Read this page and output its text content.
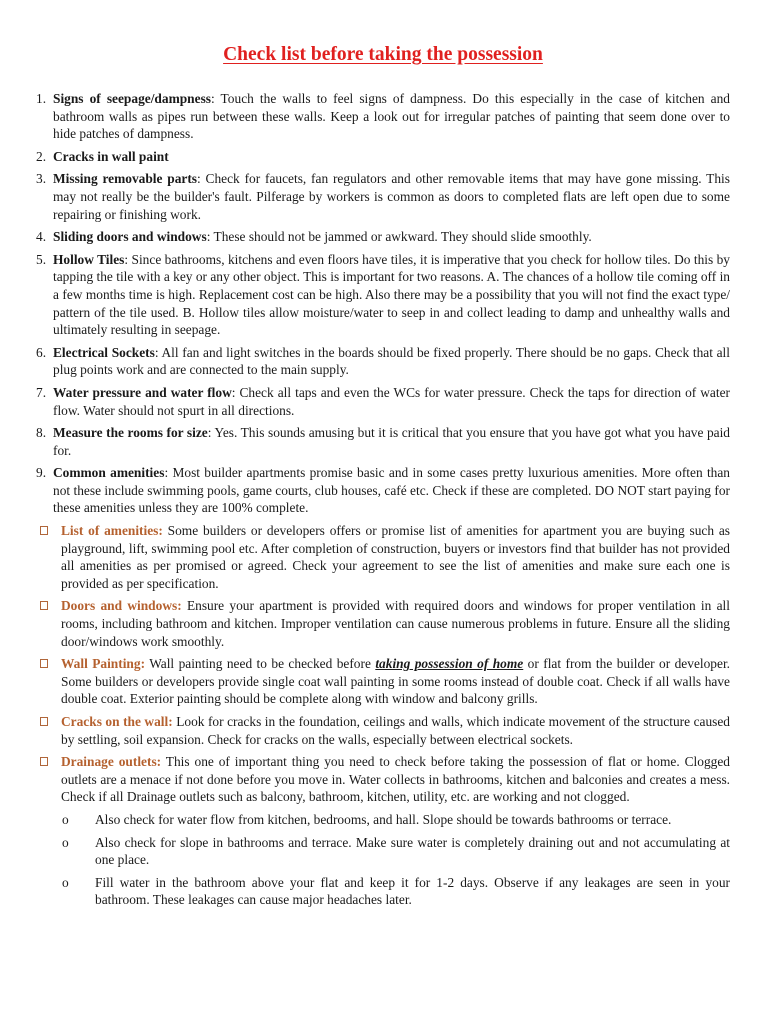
Check list before taking the possession
1. Signs of seepage/dampness: Touch the walls to feel signs of dampness. Do this especially in the case of kitchen and bathroom walls as pipes run between these walls. Keep a look out for irregular patches of painting that seem done over to hide patches of dampness.
2. Cracks in wall paint
3. Missing removable parts: Check for faucets, fan regulators and other removable items that may have gone missing. This may not really be the builder's fault. Pilferage by workers is common as doors to completed flats are left open due to some repairing or finishing work.
4. Sliding doors and windows: These should not be jammed or awkward. They should slide smoothly.
5. Hollow Tiles: Since bathrooms, kitchens and even floors have tiles, it is imperative that you check for hollow tiles. Do this by tapping the tile with a key or any other object. This is important for two reasons. A. The chances of a hollow tile coming off in a few months time is high. Replacement cost can be high. Also there may be a possibility that you will not find the exact type/ pattern of the tile used. B. Hollow tiles allow moisture/water to seep in and collect leading to damp and unhealthy walls and ultimately resulting in seepage.
6. Electrical Sockets: All fan and light switches in the boards should be fixed properly. There should be no gaps. Check that all plug points work and are connected to the main supply.
7. Water pressure and water flow: Check all taps and even the WCs for water pressure. Check the taps for direction of water flow. Water should not spurt in all directions.
8. Measure the rooms for size: Yes. This sounds amusing but it is critical that you ensure that you have got what you have paid for.
9. Common amenities: Most builder apartments promise basic and in some cases pretty luxurious amenities. More often than not these include swimming pools, game courts, club houses, café etc. Check if these are completed. DO NOT start paying for these amenities unless they are 100% complete.

List of amenities: Some builders or developers offers or promise list of amenities for apartment you are buying such as playground, lift, swimming pool etc. After completion of construction, buyers or investors find that builder has not provided all amenities as per promised or agreed. Check your agreement to see the list of amenities and make sure each one is provided as per specification.

Doors and windows: Ensure your apartment is provided with required doors and windows for proper ventilation in all rooms, including bathroom and kitchen. Improper ventilation can cause numerous problems in future. Ensure all the sliding door/windows work smoothly.

Wall Painting: Wall painting need to be checked before taking possession of home or flat from the builder or developer. Some builders or developers provide single coat wall painting in some rooms instead of double coat. Check if all walls have double coat. Exterior painting should be complete along with window and balcony grills.

Cracks on the wall: Look for cracks in the foundation, ceilings and walls, which indicate movement of the structure caused by settling, soil expansion. Check for cracks on the walls, especially between electrical sockets.

Drainage outlets: This one of important thing you need to check before taking the possession of flat or home. Clogged outlets are a menace if not done before you move in. Water collects in bathrooms, kitchen and balconies and creates a mess. Check if all Drainage outlets such as balcony, bathroom, kitchen, utility, etc. are working and not clogged.

o Also check for water flow from kitchen, bedrooms, and hall. Slope should be towards bathrooms or terrace.

o Also check for slope in bathrooms and terrace. Make sure water is completely draining out and not accumulating at one place.

o Fill water in the bathroom above your flat and keep it for 1-2 days. Observe if any leakages are seen in your bathroom. These leakages can cause major headaches later.
